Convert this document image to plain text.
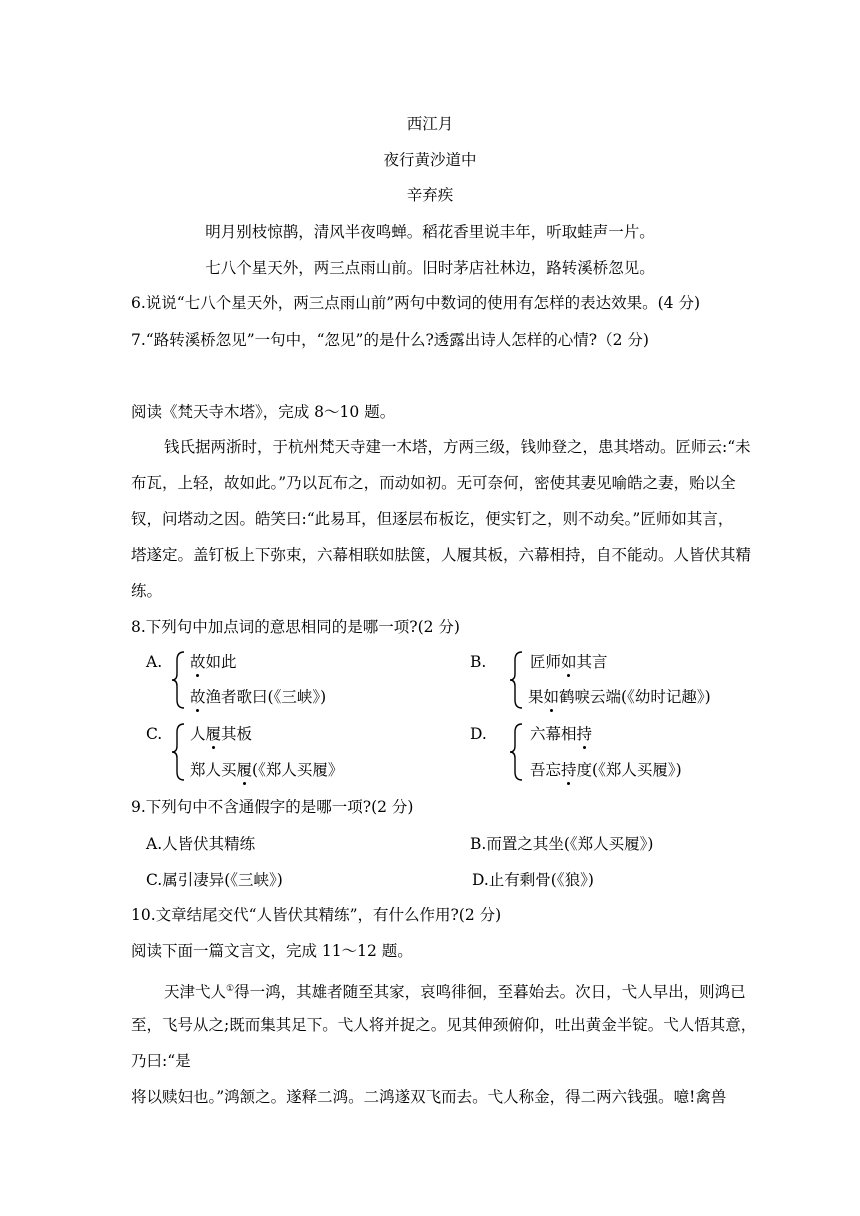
西江月
夜行黄沙道中
辛弃疾
明月别枝惊鹊，清风半夜鸣蝉。稻花香里说丰年，听取蛙声一片。
七八个星天外，两三点雨山前。旧时茅店社林边，路转溪桥忽见。
6.说说“七八个星天外，两三点雨山前”两句中数词的使用有怎样的表达效果。(4 分)
7.“路转溪桥忽见”一句中，“忽见”的是什么?透露出诗人怎样的心情?（2 分)
阅读《梵天寺木塔》，完成 8～10 题。
钱氏据两浙时，于杭州梵天寺建一木塔，方两三级，钱帅登之，患其塔动。匠师云:“未
布瓦，上轻，故如此。”乃以瓦布之，而动如初。无可奈何，密使其妻见喻皓之妻，贻以全
钗，问塔动之因。皓笑曰:“此易耳，但逐层布板讫，便实钉之，则不动矣。”匠师如其言，
塔遂定。盖钉板上下弥束，六幕相联如胠箧，人履其板，六幕相持，自不能动。人皆伏其精
练。
8.下列句中加点词的意思相同的是哪一项?(2 分)
A. 故如此
故渔者歌曰(《三峡》)
B.	匠师如其言
果如鹤唳云端(《幼时记趣》)
C. 人履其板
郑人买履(《郑人买履》
D.	六幕相持
吾忘持度(《郑人买履》)
9.下列句中不含通假字的是哪一项?(2 分)
A.人皆伏其精练	B.而置之其坐(《郑人买履》)
C.属引凄异(《三峡》)	D.止有剩骨(《狼》)
10.文章结尾交代“人皆伏其精练”，有什么作用?(2 分)
阅读下面一篇文言文，完成 11～12 题。
天津弋人①得一鸿，其雄者随至其家，哀鸣徘徊，至暮始去。次日，弋人早出，则鸿已
至，飞号从之;既而集其足下。弋人将并捉之。见其伸颈俯仰，吐出黄金半锭。弋人悟其意，
乃曰:“是
将以赎妇也。”鸿颔之。遂释二鸿。二鸿遂双飞而去。弋人称金，得二两六钱强。噫!禽兽
